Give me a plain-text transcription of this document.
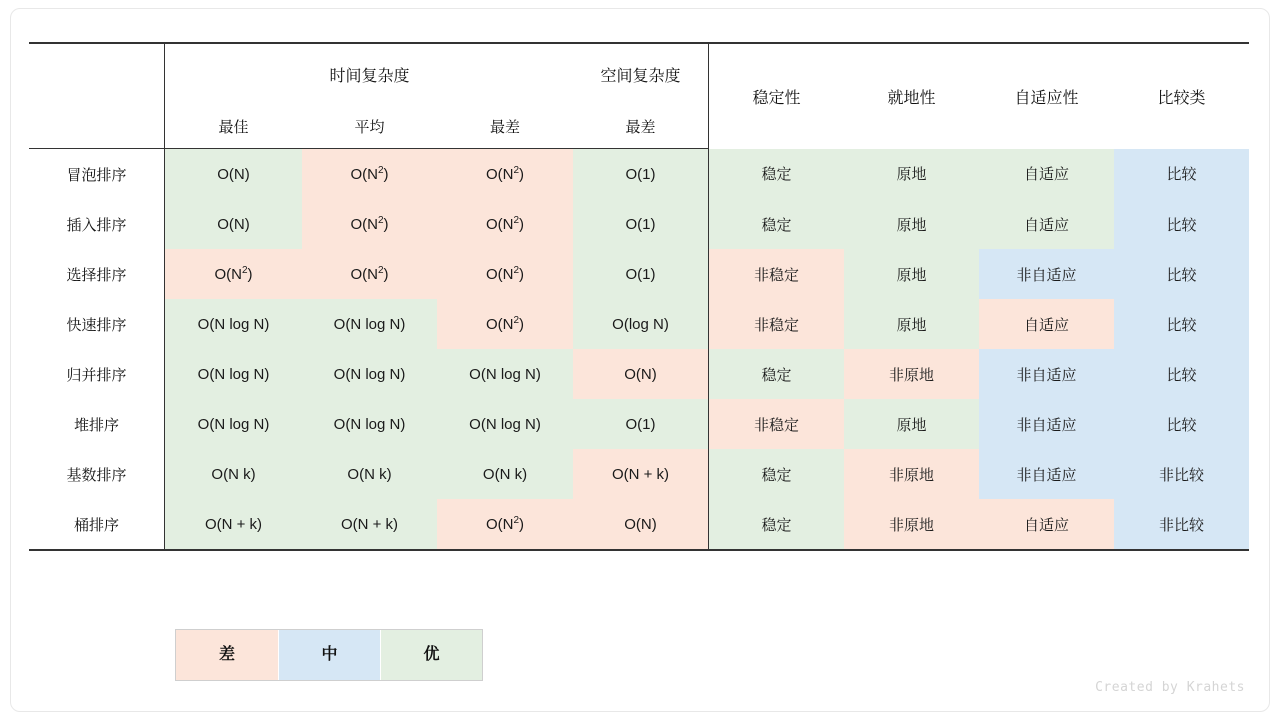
		时间复杂度		空间复杂度	稳定性	就地性	自适应性	比较类
	最佳	平均	最差	最差				
冒泡排序	O(N)	$O(N^2)$	$O(N^2)$	O(1)	稳定	原地	自适应	比较
插入排序	O(N)	$O(N^2)$	$O(N^2)$	O(1)	稳定	原地	自适应	比较
选择排序	$O(N^2)$	$O(N^2)$	$O(N^2)$	O(1)	非稳定	原地	非自适应	比较
快速排序	O(N log N)	O(N log N)	$O(N^2)$	O(log N)	非稳定	原地	自适应	比较
归并排序	O(N log N)	O(N log N)	O(N log N)	O(N)	稳定	非原地	非自适应	比较
堆排序	O(N log N)	O(N log N)	O(N log N)	O(1)	非稳定	原地	非自适应	比较
基数排序	O(N k)	O(N k)	O(N k)	O(N + k)	稳定	非原地	非自适应	非比较
桶排序	O(N + k)	O(N + k)	$O(N^2)$	O(N)	稳定	非原地	自适应	非比较
差	中	优
Created by Krahets
